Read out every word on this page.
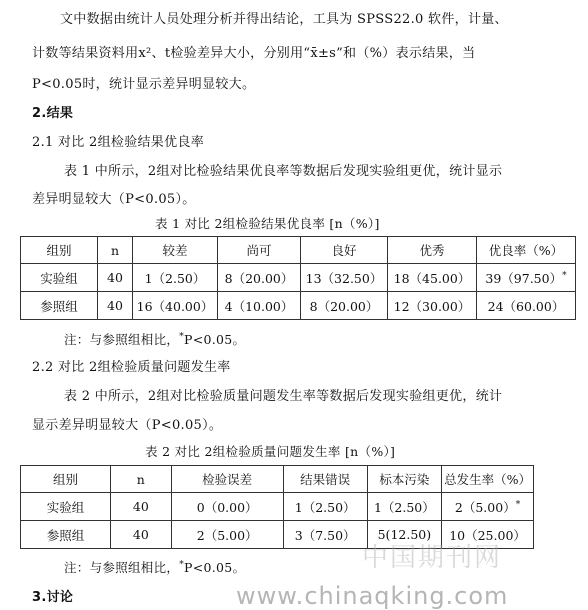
文中数据由统计人员处理分析并得出结论，工具为 SPSS22.0 软件，计量、
计数等结果资料用x²、t检验差异大小，分别用“x̄±s”和（%）表示结果，当
P<0.05时，统计显示差异明显较大。
2.结果
2.1 对比 2组检验结果优良率
表 1 中所示，2组对比检验结果优良率等数据后发现实验组更优，统计显示
差异明显较大（P<0.05）。
表 1 对比 2组检验结果优良率 [n（%）]
组别	n	较差	尚可	良好	优秀	优良率（%）
实验组	40	1（2.50）	8（20.00）	13（32.50）	18（45.00）	39（97.50）*
参照组	40	16（40.00）	4（10.00）	8（20.00）	12（30.00）	24（60.00）
注：与参照组相比，*P<0.05。
2.2 对比 2组检验质量问题发生率
表 2 中所示，2组对比检验质量问题发生率等数据后发现实验组更优，统计
显示差异明显较大（P<0.05）。
表 2 对比 2组检验质量问题发生率 [n（%）]
组别	n	检验误差	结果错误	标本污染	总发生率（%）
实验组	40	0（0.00）	1（2.50）	1（2.50）	2（5.00）*
参照组	40	2（5.00）	3（7.50）	5(12.50)	10（25.00）
注：与参照组相比，*P<0.05。
3.讨论
中国期刊网
www.chinaqking.com
